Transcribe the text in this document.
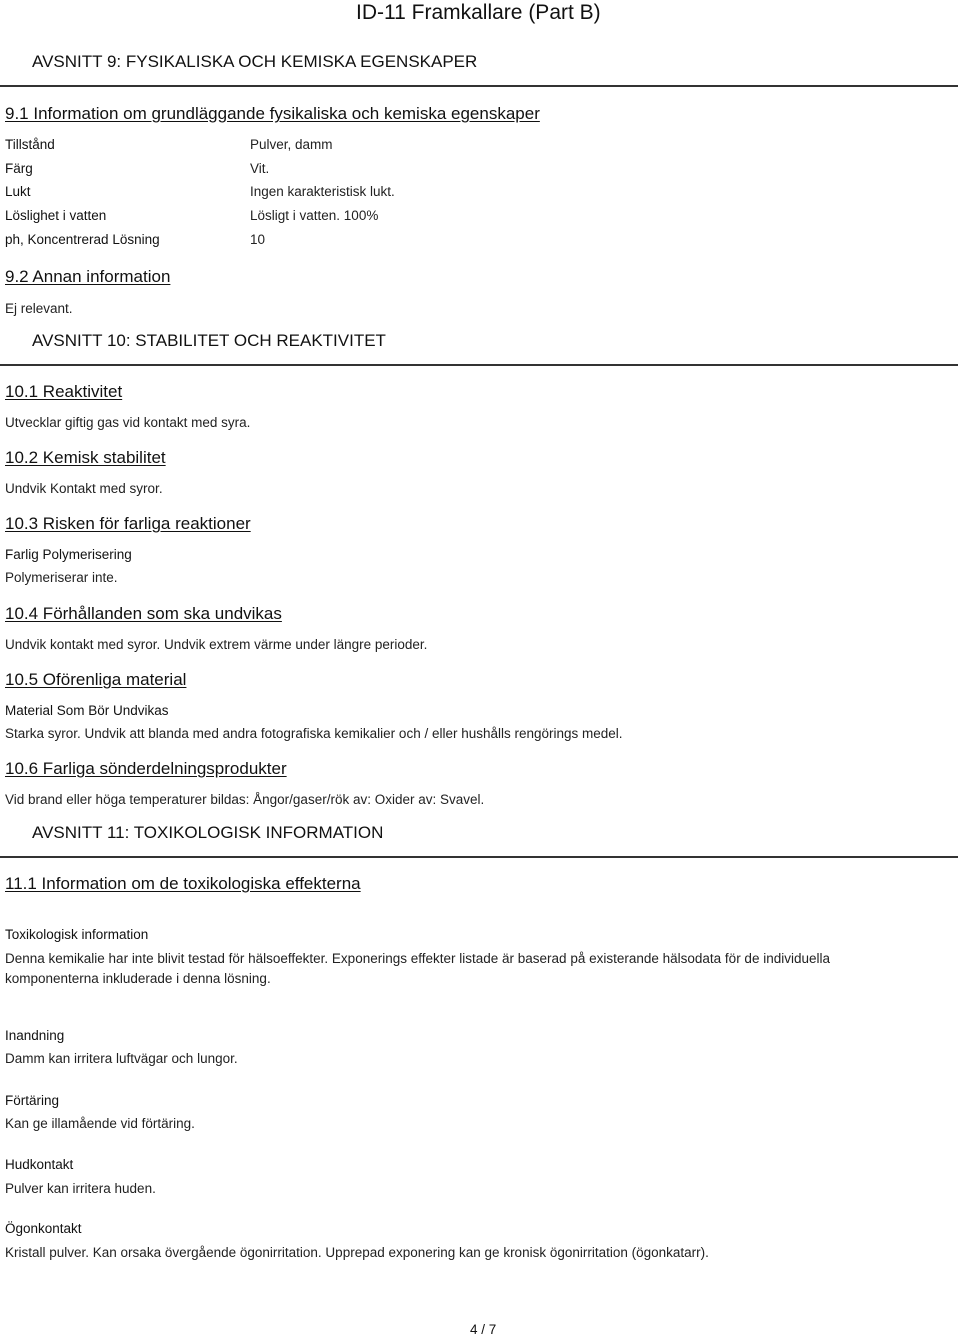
ID-11 Framkallare (Part B)
AVSNITT 9: FYSIKALISKA OCH KEMISKA EGENSKAPER
9.1 Information om grundläggande fysikaliska och kemiska egenskaper
Tillstånd	Pulver, damm
Färg	Vit.
Lukt	Ingen karakteristisk lukt.
Löslighet i vatten	Lösligt i vatten. 100%
ph, Koncentrerad Lösning	10
9.2 Annan information
Ej relevant.
AVSNITT 10: STABILITET OCH REAKTIVITET
10.1 Reaktivitet
Utvecklar giftig gas vid kontakt med syra.
10.2 Kemisk stabilitet
Undvik Kontakt med syror.
10.3 Risken för farliga reaktioner
Farlig Polymerisering
Polymeriserar inte.
10.4 Förhållanden som ska undvikas
Undvik kontakt med syror. Undvik extrem värme under längre perioder.
10.5 Oförenliga material
Material Som Bör Undvikas
Starka syror. Undvik att blanda med andra fotografiska kemikalier och / eller hushålls rengörings medel.
10.6 Farliga sönderdelningsprodukter
Vid brand eller höga temperaturer bildas: Ångor/gaser/rök av: Oxider av: Svavel.
AVSNITT 11: TOXIKOLOGISK INFORMATION
11.1 Information om de toxikologiska effekterna
Toxikologisk information
Denna kemikalie har inte blivit testad för hälsoeffekter. Exponerings effekter listade är baserad på existerande hälsodata för de individuella komponenterna inkluderade i denna lösning.
Inandning
Damm kan irritera luftvägar och lungor.
Förtäring
Kan ge illamående vid förtäring.
Hudkontakt
Pulver kan irritera huden.
Ögonkontakt
Kristall pulver. Kan orsaka övergående ögonirritation. Upprepad exponering kan ge kronisk ögonirritation (ögonkatarr).
4 / 7
